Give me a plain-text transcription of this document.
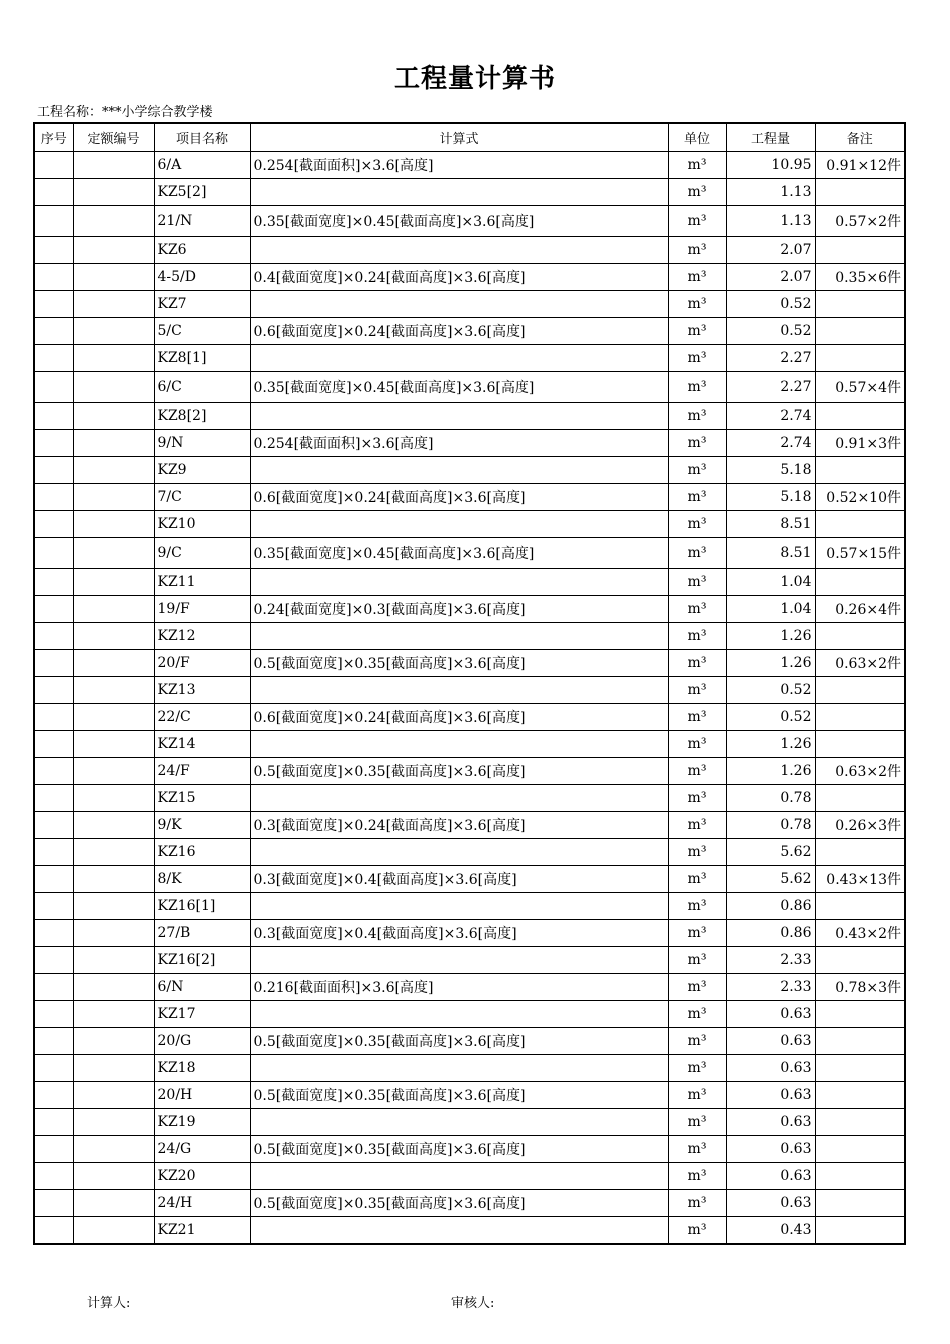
工程量计算书
工程名称：***小学综合教学楼
序号	定额编号	项目名称	计算式	单位	工程量	备注
		6/A	0.254[截面面积]×3.6[高度]	m³	10.95	0.91×12件
		KZ5[2]		m³	1.13	
		21/N	0.35[截面宽度]×0.45[截面高度]×3.6[高度]	m³	1.13	0.57×2件
		KZ6		m³	2.07	
		4-5/D	0.4[截面宽度]×0.24[截面高度]×3.6[高度]	m³	2.07	0.35×6件
		KZ7		m³	0.52	
		5/C	0.6[截面宽度]×0.24[截面高度]×3.6[高度]	m³	0.52	
		KZ8[1]		m³	2.27	
		6/C	0.35[截面宽度]×0.45[截面高度]×3.6[高度]	m³	2.27	0.57×4件
		KZ8[2]		m³	2.74	
		9/N	0.254[截面面积]×3.6[高度]	m³	2.74	0.91×3件
		KZ9		m³	5.18	
		7/C	0.6[截面宽度]×0.24[截面高度]×3.6[高度]	m³	5.18	0.52×10件
		KZ10		m³	8.51	
		9/C	0.35[截面宽度]×0.45[截面高度]×3.6[高度]	m³	8.51	0.57×15件
		KZ11		m³	1.04	
		19/F	0.24[截面宽度]×0.3[截面高度]×3.6[高度]	m³	1.04	0.26×4件
		KZ12		m³	1.26	
		20/F	0.5[截面宽度]×0.35[截面高度]×3.6[高度]	m³	1.26	0.63×2件
		KZ13		m³	0.52	
		22/C	0.6[截面宽度]×0.24[截面高度]×3.6[高度]	m³	0.52	
		KZ14		m³	1.26	
		24/F	0.5[截面宽度]×0.35[截面高度]×3.6[高度]	m³	1.26	0.63×2件
		KZ15		m³	0.78	
		9/K	0.3[截面宽度]×0.24[截面高度]×3.6[高度]	m³	0.78	0.26×3件
		KZ16		m³	5.62	
		8/K	0.3[截面宽度]×0.4[截面高度]×3.6[高度]	m³	5.62	0.43×13件
		KZ16[1]		m³	0.86	
		27/B	0.3[截面宽度]×0.4[截面高度]×3.6[高度]	m³	0.86	0.43×2件
		KZ16[2]		m³	2.33	
		6/N	0.216[截面面积]×3.6[高度]	m³	2.33	0.78×3件
		KZ17		m³	0.63	
		20/G	0.5[截面宽度]×0.35[截面高度]×3.6[高度]	m³	0.63	
		KZ18		m³	0.63	
		20/H	0.5[截面宽度]×0.35[截面高度]×3.6[高度]	m³	0.63	
		KZ19		m³	0.63	
		24/G	0.5[截面宽度]×0.35[截面高度]×3.6[高度]	m³	0.63	
		KZ20		m³	0.63	
		24/H	0.5[截面宽度]×0.35[截面高度]×3.6[高度]	m³	0.63	
		KZ21		m³	0.43	
计算人:	审核人:
